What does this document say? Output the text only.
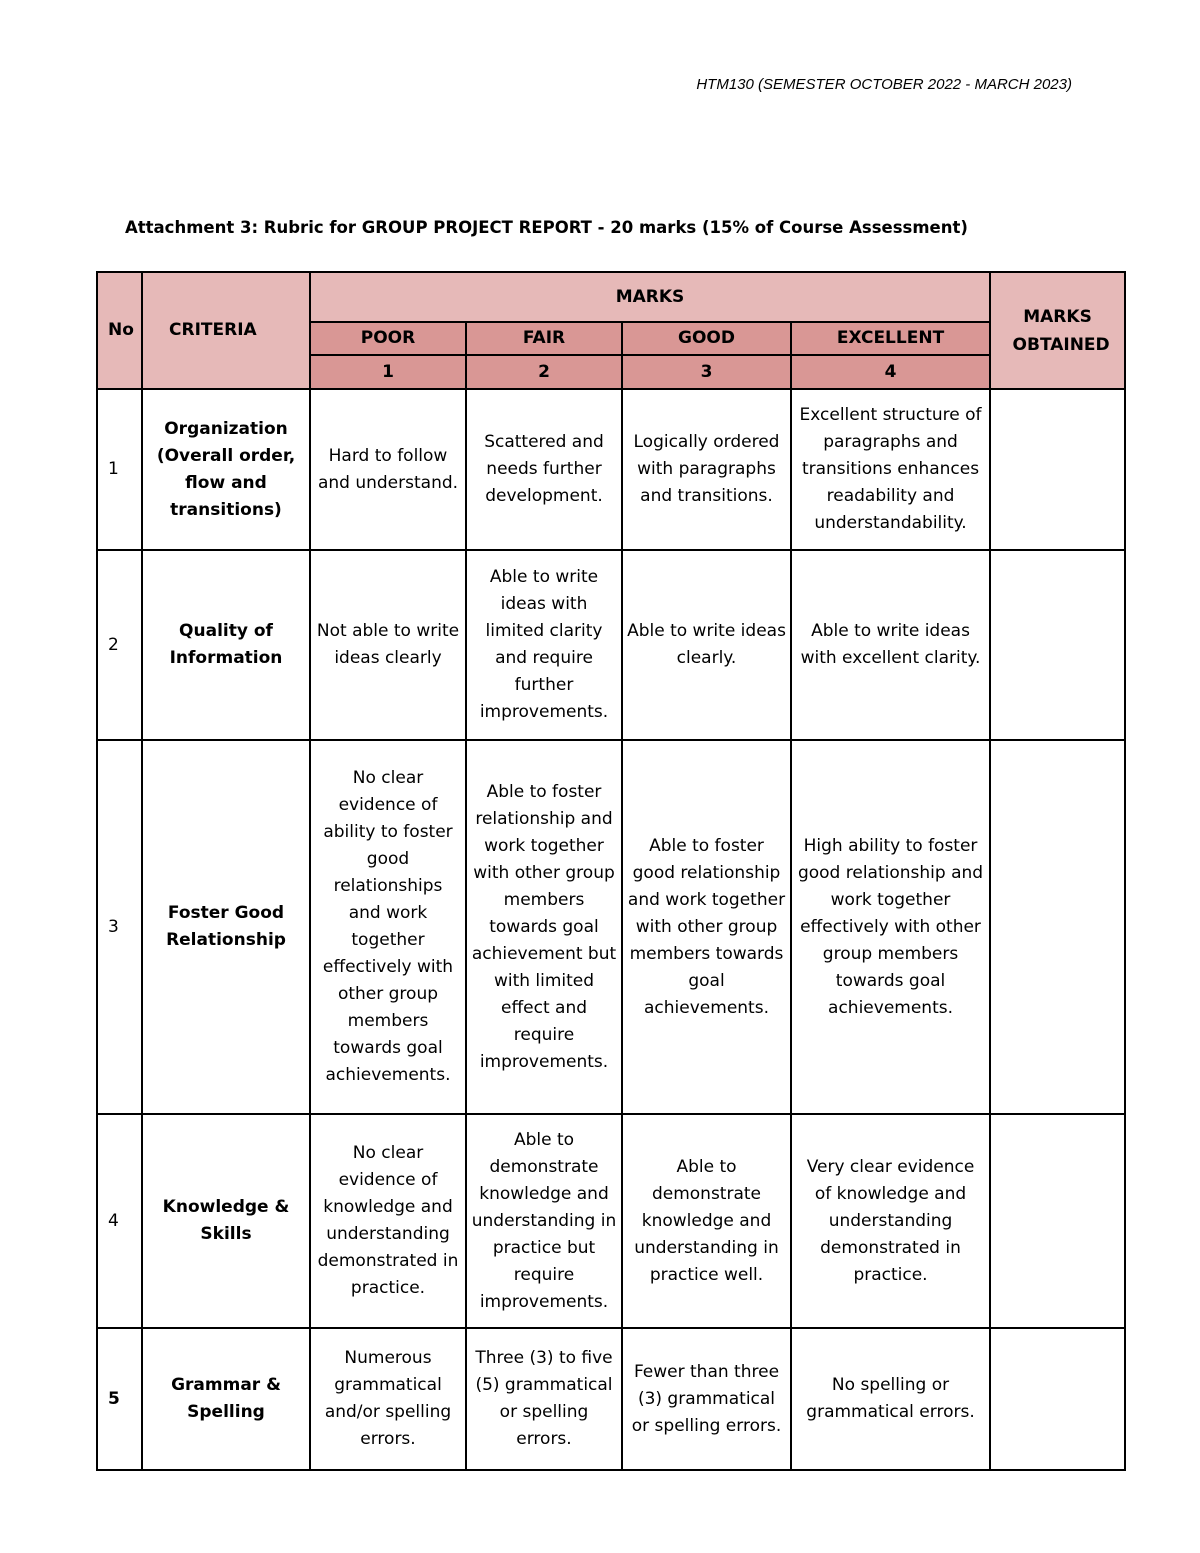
HTM130 (SEMESTER OCTOBER 2022 - MARCH 2023)
Attachment 3: Rubric for GROUP PROJECT REPORT - 20 marks (15% of Course Assessment)
No	CRITERIA	MARKS				MARKS OBTAINED

		POOR	FAIR	GOOD	EXCELLENT	
		1	2	3	4	
1	Organization (Overall order, flow and transitions)	Hard to follow and understand.	Scattered and needs further development.	Logically ordered with paragraphs and transitions.	Excellent structure of paragraphs and transitions enhances readability and understandability.	
2	Quality of Information	Not able to write ideas clearly	Able to write ideas with limited clarity and require further improvements.	Able to write ideas clearly.	Able to write ideas with excellent clarity.	
3	Foster Good Relationship	No clear evidence of ability to foster good relationships and work together effectively with other group members towards goal achievements.	Able to foster relationship and work together with other group members towards goal achievement but with limited effect and require improvements.	Able to foster good relationship and work together with other group members towards goal achievements.	High ability to foster good relationship and work together effectively with other group members towards goal achievements.	
4	Knowledge & Skills	No clear evidence of knowledge and understanding demonstrated in practice.	Able to demonstrate knowledge and understanding in practice but require improvements.	Able to demonstrate knowledge and understanding in practice well.	Very clear evidence of knowledge and understanding demonstrated in practice.	
5	Grammar & Spelling	Numerous grammatical and/or spelling errors.	Three (3) to five (5) grammatical or spelling errors.	Fewer than three (3) grammatical or spelling errors.	No spelling or grammatical errors.	
